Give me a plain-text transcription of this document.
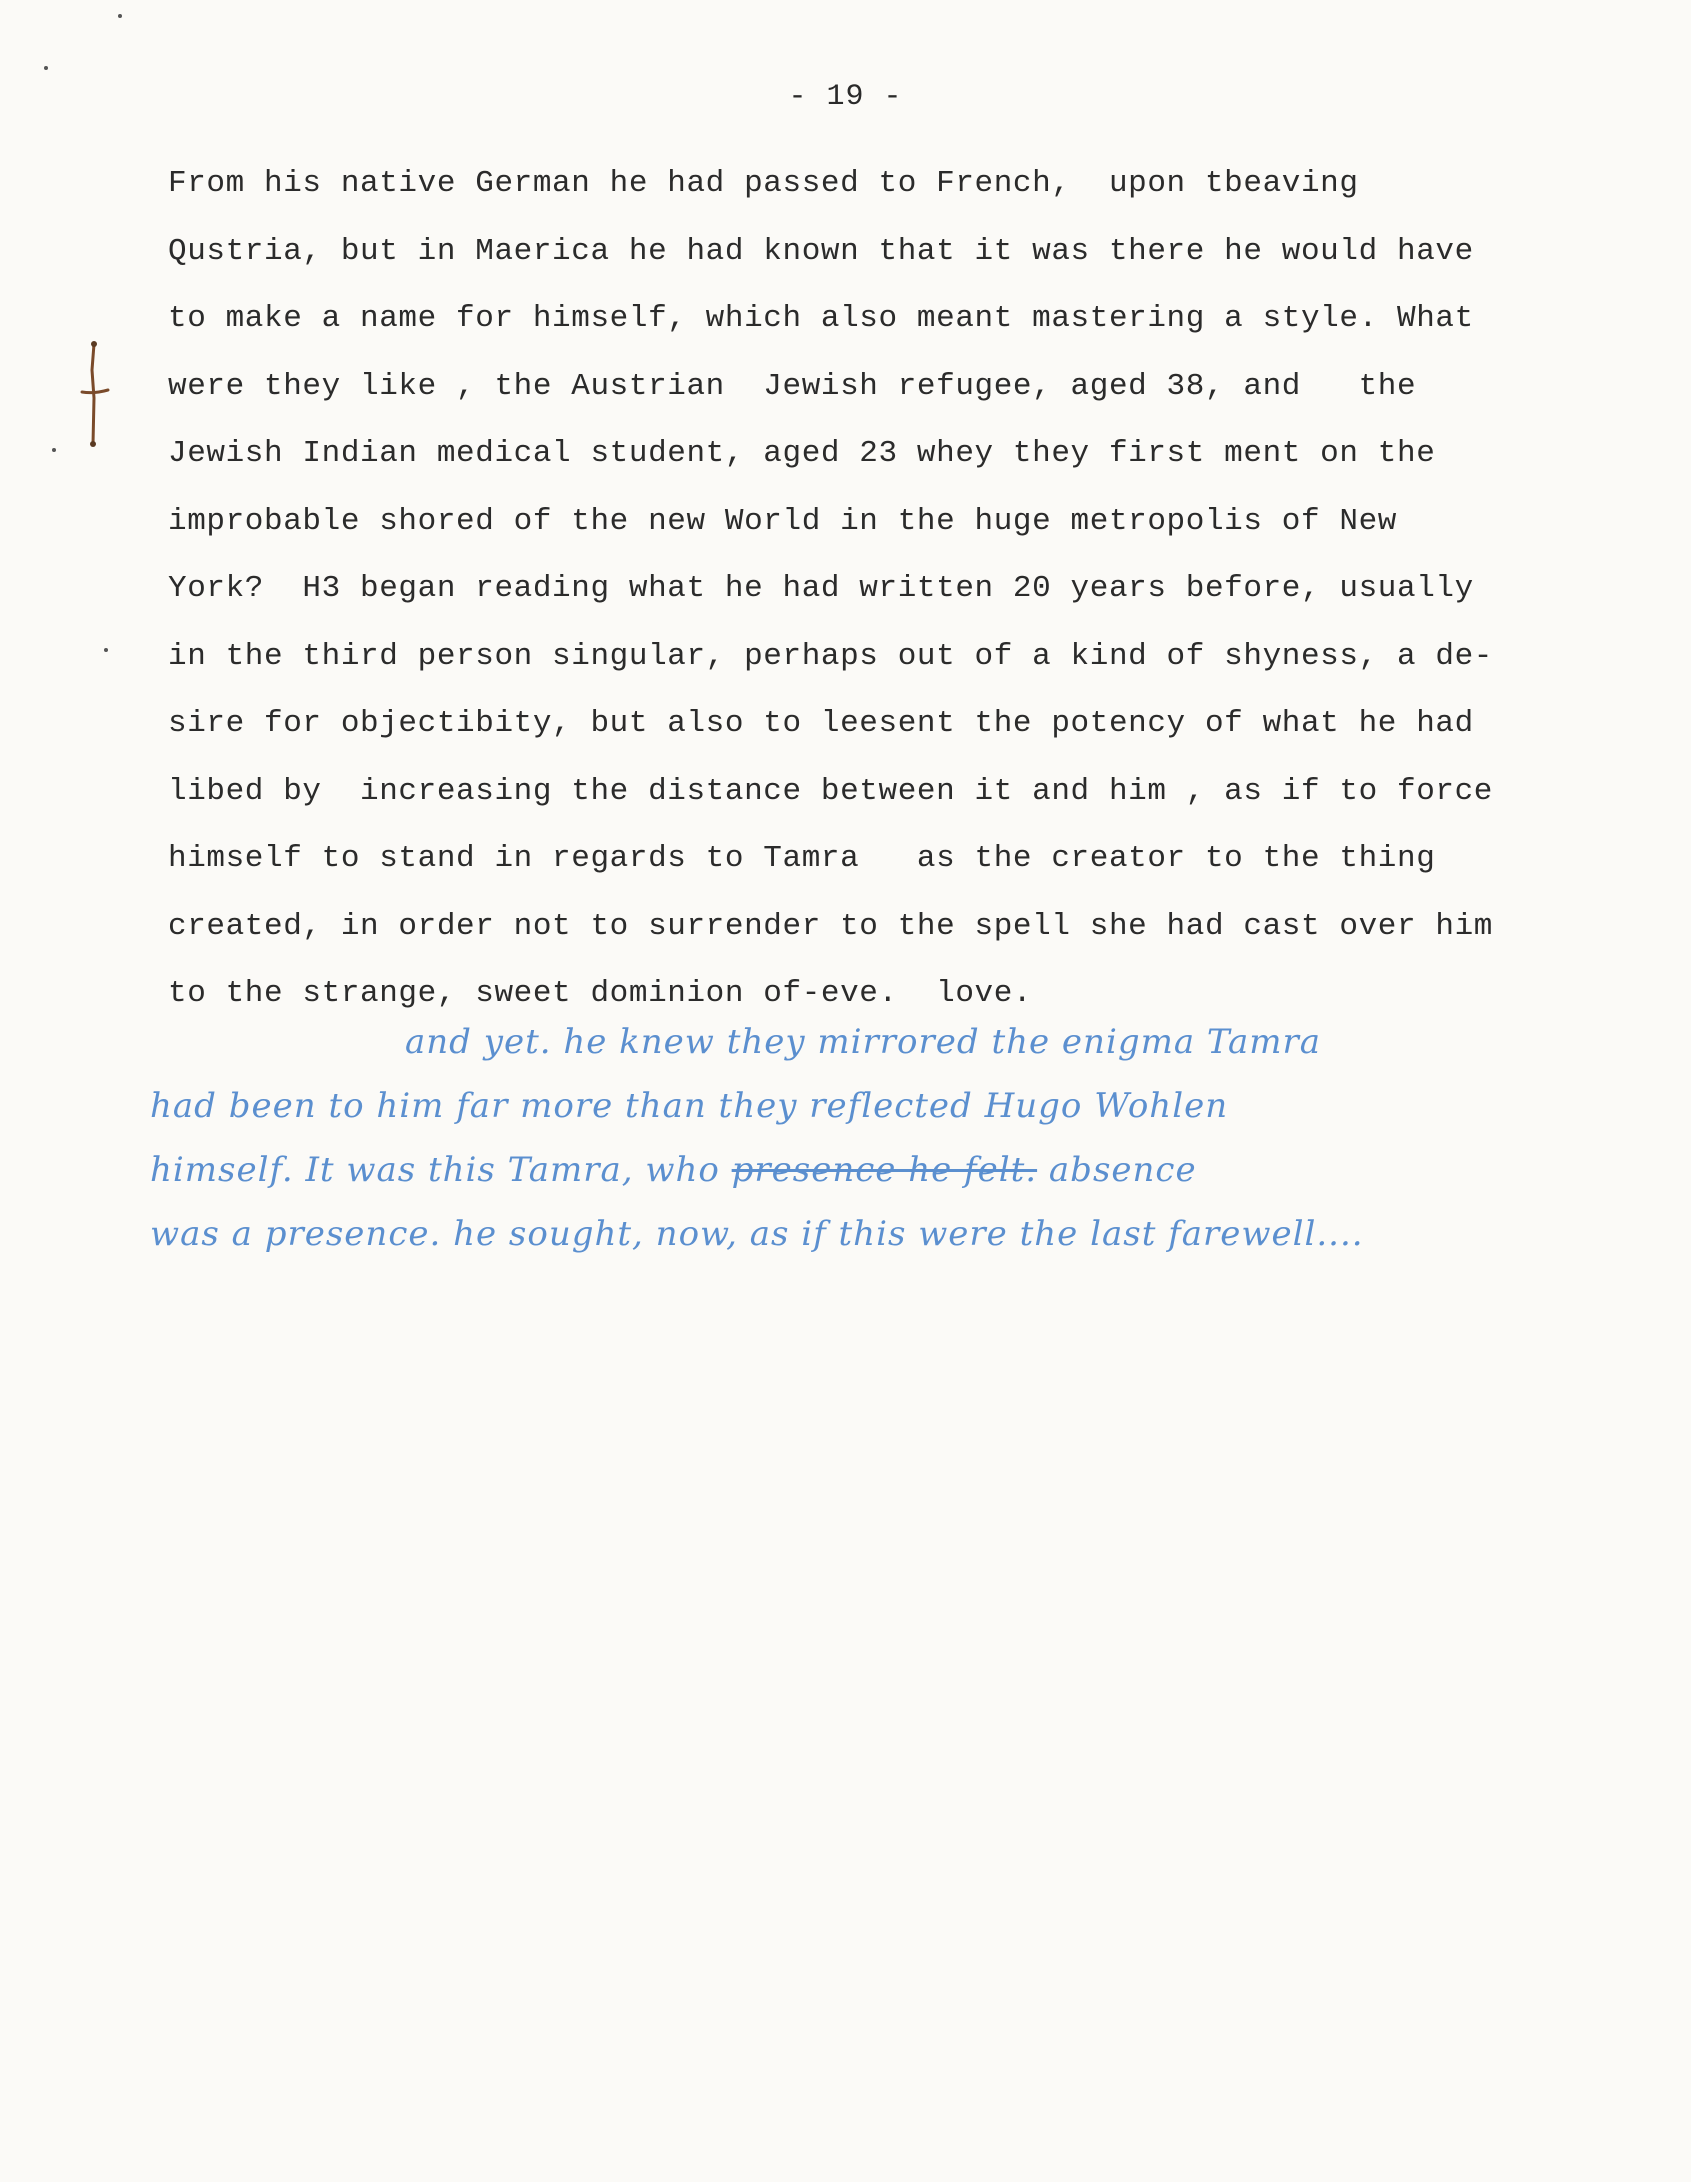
- 19 -
From his native German he had passed to French,  upon tbeaving
Qustria, but in Maerica he had known that it was there he would have
to make a name for himself, which also meant mastering a style. What
were they like , the Austrian  Jewish refugee, aged 38, and   the
Jewish Indian medical student, aged 23 whey they first ment on the
improbable shored of the new World in the huge metropolis of New
York?  H3 began reading what he had written 20 years before, usually
in the third person singular, perhaps out of a kind of shyness, a de-
sire for objectibity, but also to leesent the potency of what he had
libed by  increasing the distance between it and him , as if to force
himself to stand in regards to Tamra   as the creator to the thing
created, in order not to surrender to the spell she had cast over him
to the strange, sweet dominion of-eve.  love.
and yet. he knew they mirrored the enigma Tamra
had been to him far more than they reflected Hugo Wohlen
himself. It was this Tamra, who presence he felt. absence
was a presence. he sought, now, as if this were the last farewell....
